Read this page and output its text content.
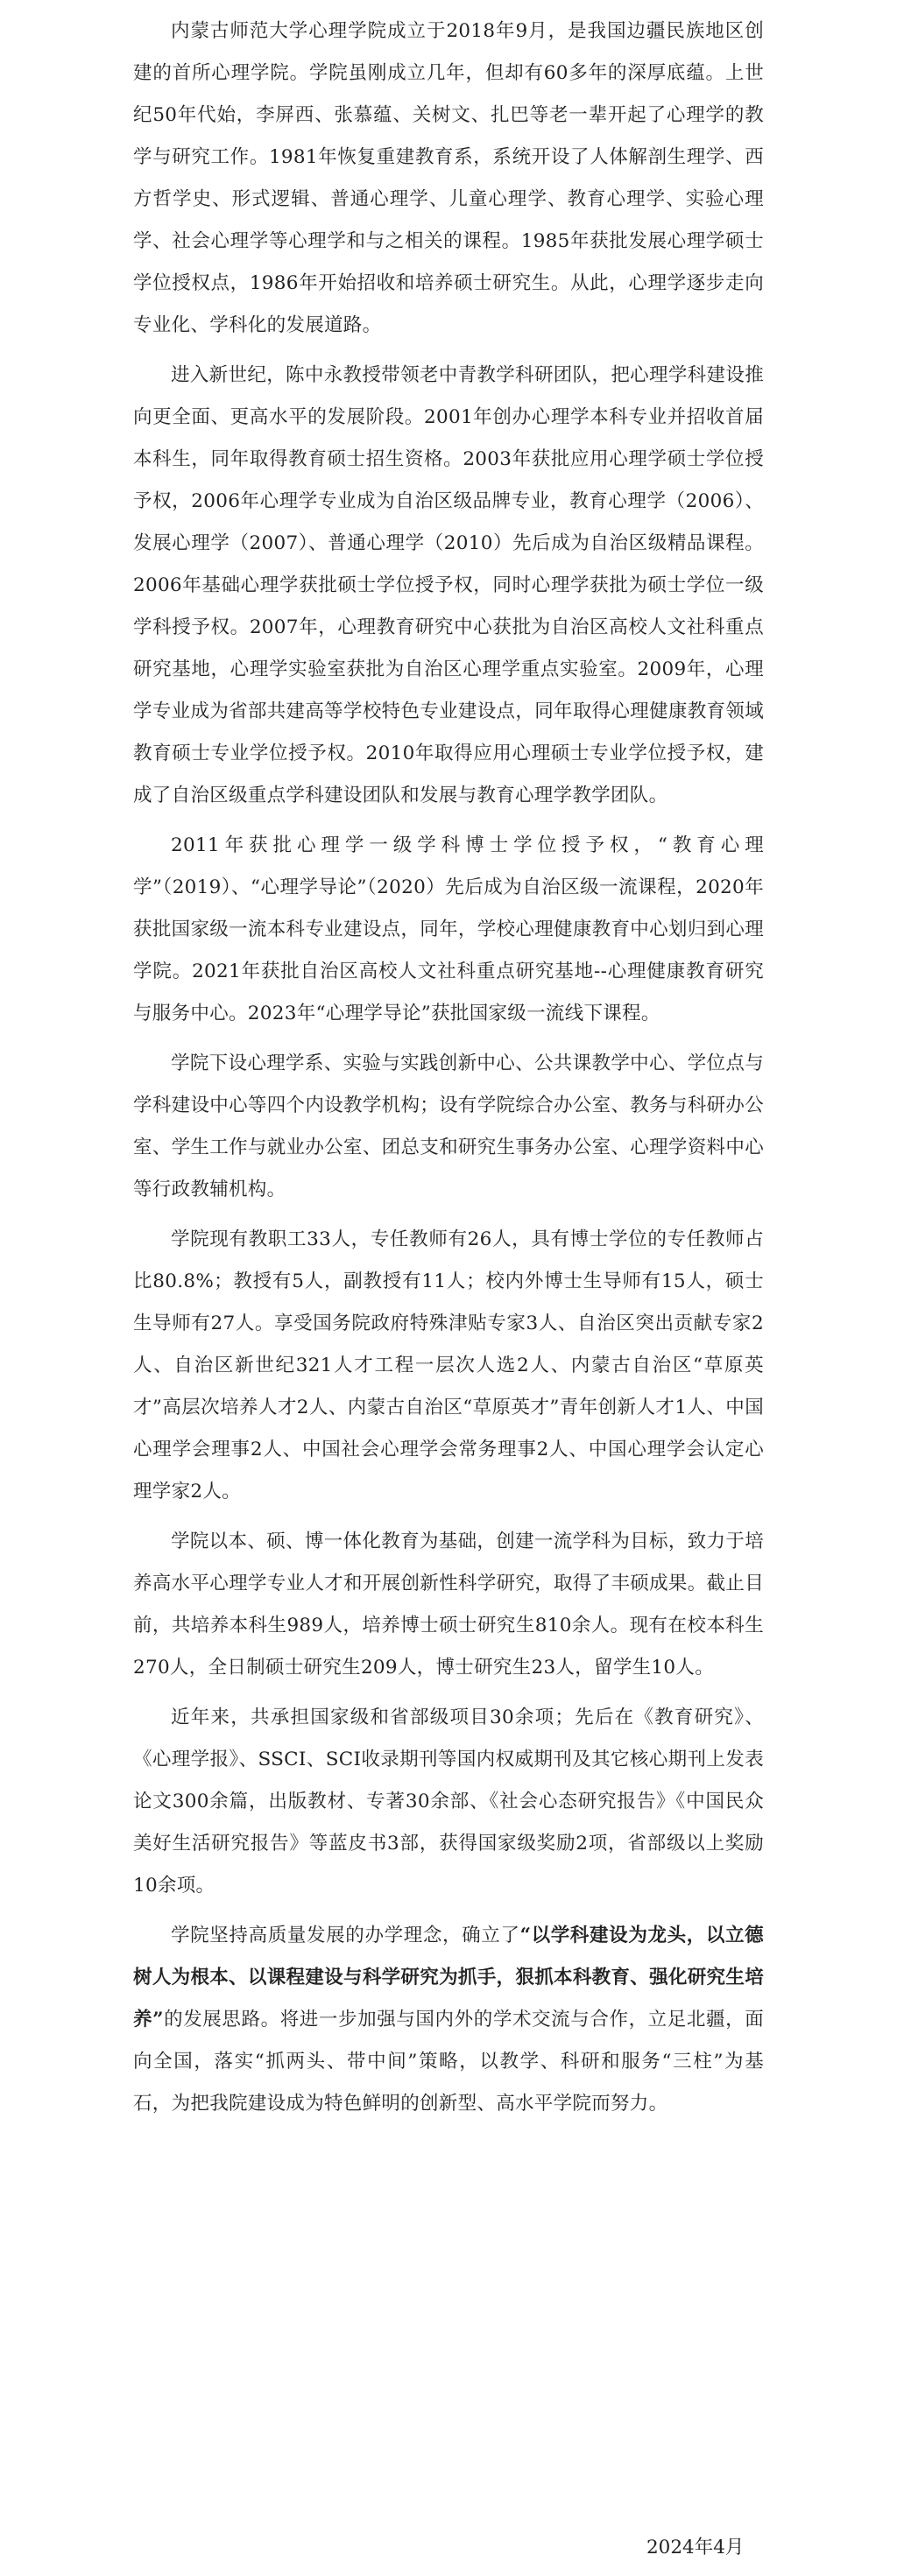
内蒙古师范大学心理学院成立于2018年9月，是我国边疆民族地区创建的首所心理学院。学院虽刚成立几年，但却有60多年的深厚底蕴。上世纪50年代始，李屏西、张慕蕴、关树文、扎巴等老一辈开起了心理学的教学与研究工作。1981年恢复重建教育系，系统开设了人体解剖生理学、西方哲学史、形式逻辑、普通心理学、儿童心理学、教育心理学、实验心理学、社会心理学等心理学和与之相关的课程。1985年获批发展心理学硕士学位授权点，1986年开始招收和培养硕士研究生。从此，心理学逐步走向专业化、学科化的发展道路。

进入新世纪，陈中永教授带领老中青教学科研团队，把心理学科建设推向更全面、更高水平的发展阶段。2001年创办心理学本科专业并招收首届本科生，同年取得教育硕士招生资格。2003年获批应用心理学硕士学位授予权，2006年心理学专业成为自治区级品牌专业，教育心理学（2006）、发展心理学（2007）、普通心理学（2010）先后成为自治区级精品课程。2006年基础心理学获批硕士学位授予权，同时心理学获批为硕士学位一级学科授予权。2007年，心理教育研究中心获批为自治区高校人文社科重点研究基地，心理学实验室获批为自治区心理学重点实验室。2009年，心理学专业成为省部共建高等学校特色专业建设点，同年取得心理健康教育领域教育硕士专业学位授予权。2010年取得应用心理硕士专业学位授予权，建成了自治区级重点学科建设团队和发展与教育心理学教学团队。

2011年获批心理学一级学科博士学位授予权，“教育心理学”（2019）、“心理学导论”（2020）先后成为自治区级一流课程，2020年获批国家级一流本科专业建设点，同年，学校心理健康教育中心划归到心理学院。2021年获批自治区高校人文社科重点研究基地--心理健康教育研究与服务中心。2023年“心理学导论”获批国家级一流线下课程。

学院下设心理学系、实验与实践创新中心、公共课教学中心、学位点与学科建设中心等四个内设教学机构；设有学院综合办公室、教务与科研办公室、学生工作与就业办公室、团总支和研究生事务办公室、心理学资料中心等行政教辅机构。

学院现有教职工33人，专任教师有26人，具有博士学位的专任教师占比80.8%；教授有5人，副教授有11人；校内外博士生导师有15人，硕士生导师有27人。享受国务院政府特殊津贴专家3人、自治区突出贡献专家2人、自治区新世纪321人才工程一层次人选2人、内蒙古自治区“草原英才”高层次培养人才2人、内蒙古自治区“草原英才”青年创新人才1人、中国心理学会理事2人、中国社会心理学会常务理事2人、中国心理学会认定心理学家2人。

学院以本、硕、博一体化教育为基础，创建一流学科为目标，致力于培养高水平心理学专业人才和开展创新性科学研究，取得了丰硕成果。截止目前，共培养本科生989人，培养博士硕士研究生810余人。现有在校本科生270人，全日制硕士研究生209人，博士研究生23人，留学生10人。

近年来，共承担国家级和省部级项目30余项；先后在《教育研究》、《心理学报》、SSCI、SCI收录期刊等国内权威期刊及其它核心期刊上发表论文300余篇，出版教材、专著30余部、《社会心态研究报告》《中国民众美好生活研究报告》等蓝皮书3部，获得国家级奖励2项，省部级以上奖励10余项。

学院坚持高质量发展的办学理念，确立了“以学科建设为龙头，以立德树人为根本、以课程建设与科学研究为抓手，狠抓本科教育、强化研究生培养”的发展思路。将进一步加强与国内外的学术交流与合作，立足北疆，面向全国，落实“抓两头、带中间”策略，以教学、科研和服务“三柱”为基石，为把我院建设成为特色鲜明的创新型、高水平学院而努力。

2024年4月
